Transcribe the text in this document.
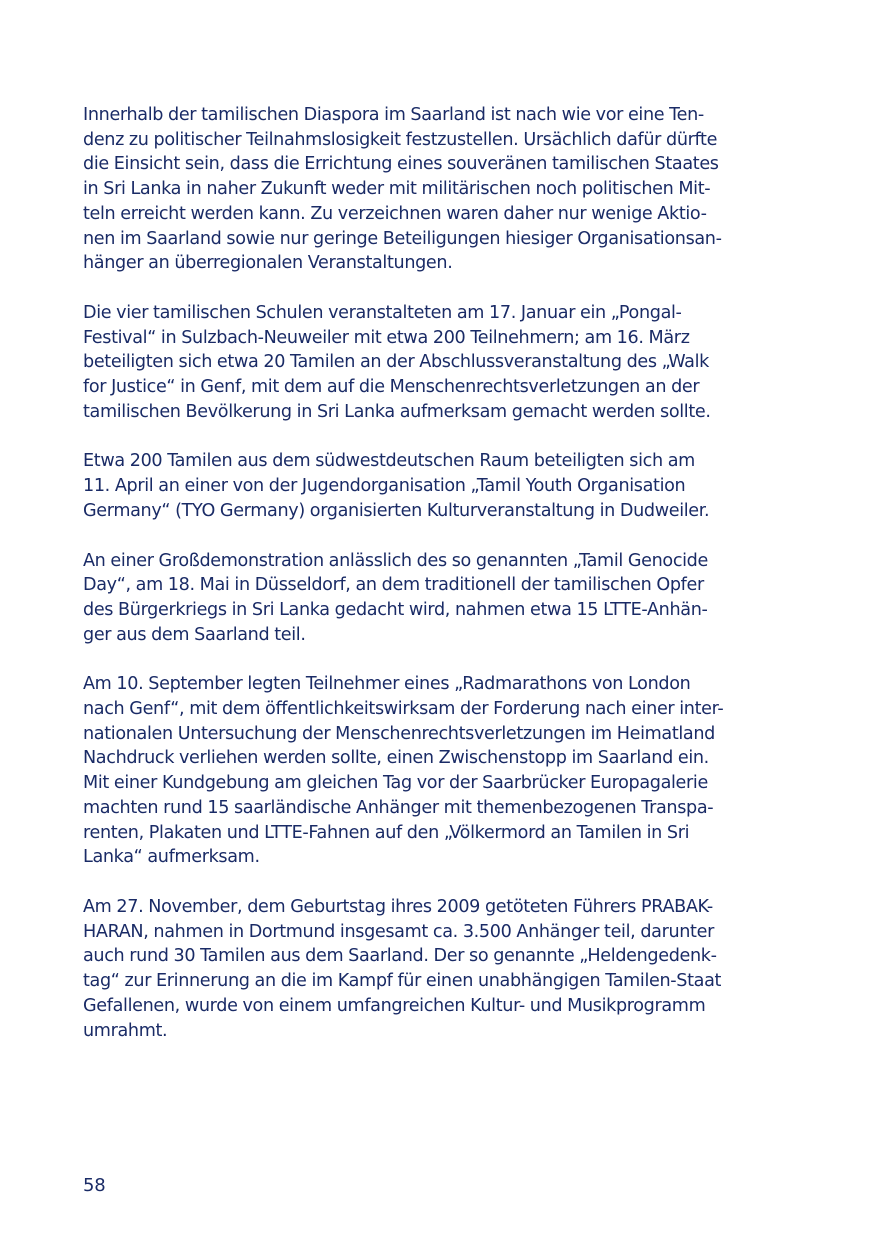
Innerhalb der tamilischen Diaspora im Saarland ist nach wie vor eine Ten-
denz zu politischer Teilnahmslosigkeit festzustellen. Ursächlich dafür dürfte
die Einsicht sein, dass die Errichtung eines souveränen tamilischen Staates
in Sri Lanka in naher Zukunft weder mit militärischen noch politischen Mit-
teln erreicht werden kann. Zu verzeichnen waren daher nur wenige Aktio-
nen im Saarland sowie nur geringe Beteiligungen hiesiger Organisationsan-
hänger an überregionalen Veranstaltungen.

Die vier tamilischen Schulen veranstalteten am 17. Januar ein „Pongal-
Festival“ in Sulzbach-Neuweiler mit etwa 200 Teilnehmern; am 16. März
beteiligten sich etwa 20 Tamilen an der Abschlussveranstaltung des „Walk
for Justice“ in Genf, mit dem auf die Menschenrechtsverletzungen an der
tamilischen Bevölkerung in Sri Lanka aufmerksam gemacht werden sollte.

Etwa 200 Tamilen aus dem südwestdeutschen Raum beteiligten sich am
11. April an einer von der Jugendorganisation „Tamil Youth Organisation
Germany“ (TYO Germany) organisierten Kulturveranstaltung in Dudweiler.

An einer Großdemonstration anlässlich des so genannten „Tamil Genocide
Day“, am 18. Mai in Düsseldorf, an dem traditionell der tamilischen Opfer
des Bürgerkriegs in Sri Lanka gedacht wird, nahmen etwa 15 LTTE-Anhän-
ger aus dem Saarland teil.

Am 10. September legten Teilnehmer eines „Radmarathons von London
nach Genf“, mit dem öffentlichkeitswirksam der Forderung nach einer inter-
nationalen Untersuchung der Menschenrechtsverletzungen im Heimatland
Nachdruck verliehen werden sollte, einen Zwischenstopp im Saarland ein.
Mit einer Kundgebung am gleichen Tag vor der Saarbrücker Europagalerie
machten rund 15 saarländische Anhänger mit themenbezogenen Transpa-
renten, Plakaten und LTTE-Fahnen auf den „Völkermord an Tamilen in Sri
Lanka“ aufmerksam.

Am 27. November, dem Geburtstag ihres 2009 getöteten Führers PRABAK-
HARAN, nahmen in Dortmund insgesamt ca. 3.500 Anhänger teil, darunter
auch rund 30 Tamilen aus dem Saarland. Der so genannte „Heldengedenk-
tag“ zur Erinnerung an die im Kampf für einen unabhängigen Tamilen-Staat
Gefallenen, wurde von einem umfangreichen Kultur- und Musikprogramm
umrahmt.

58
